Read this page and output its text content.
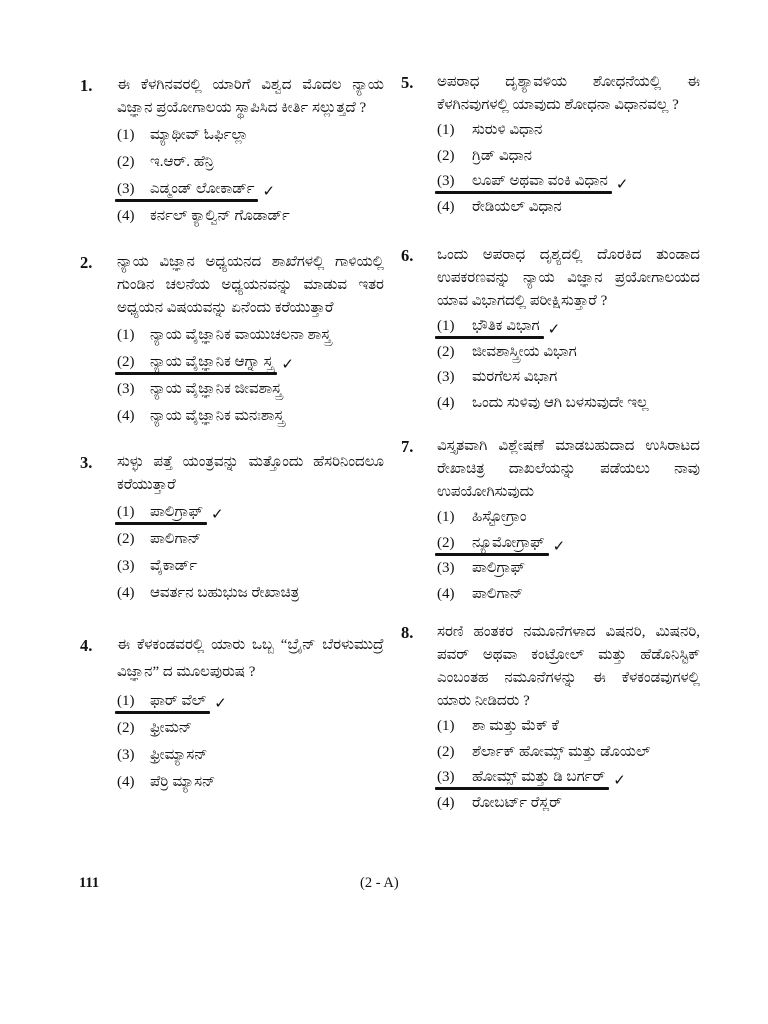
1.	ಈ ಕೆಳಗಿನವರಲ್ಲಿ ಯಾರಿಗೆ ವಿಶ್ವದ ಮೊದಲ ನ್ಯಾಯ ವಿಜ್ಞಾನ ಪ್ರಯೋಗಾಲಯ ಸ್ಥಾಪಿಸಿದ ಕೀರ್ತಿ ಸಲ್ಲುತ್ತದೆ ?
(1)	ಮ್ಯಾಥೀವ್ ಓರ್ಫಿಲ್ಲಾ
(2)	ಇ.ಆರ್. ಹೆನ್ರಿ
(3)	ಎಡ್ಮಂಡ್ ಲೋಕಾರ್ಡ್
✓
(4)	ಕರ್ನಲ್ ಕ್ಯಾಲ್ವಿನ್ ಗೊಡಾರ್ಡ್
2.	ನ್ಯಾಯ ವಿಜ್ಞಾನ ಅಧ್ಯಯನದ ಶಾಖೆಗಳಲ್ಲಿ ಗಾಳಿಯಲ್ಲಿ ಗುಂಡಿನ ಚಲನೆಯ ಅಧ್ಯಯನವನ್ನು ಮಾಡುವ ಇತರ ಅಧ್ಯಯನ ವಿಷಯವನ್ನು ಏನೆಂದು ಕರೆಯುತ್ತಾರೆ
(1)	ನ್ಯಾಯ ವೈಜ್ಞಾನಿಕ ವಾಯುಚಲನಾ ಶಾಸ್ತ್ರ
(2)	ನ್ಯಾಯ ವೈಜ್ಞಾನಿಕ ಆಗ್ನಾ ಸ್ತ್ರ
✓
(3)	ನ್ಯಾಯ ವೈಜ್ಞಾನಿಕ ಜೀವಶಾಸ್ತ್ರ
(4)	ನ್ಯಾಯ ವೈಜ್ಞಾನಿಕ ಮನಃಶಾಸ್ತ್ರ
3.	ಸುಳ್ಳು ಪತ್ತೆ ಯಂತ್ರವನ್ನು ಮತ್ತೊಂದು ಹೆಸರಿನಿಂದಲೂ ಕರೆಯುತ್ತಾರೆ
(1)	ಪಾಲಿಗ್ರಾಫ್
✓
(2)	ಪಾಲಿಗಾನ್
(3)	ವೈಕಾರ್ಡ್
(4)	ಆವರ್ತನ ಬಹುಭುಜ ರೇಖಾಚಿತ್ರ
4.	ಈ ಕೆಳಕಂಡವರಲ್ಲಿ ಯಾರು ಒಬ್ಬ “ಬ್ರೈನ್ ಬೆರಳುಮುದ್ರೆ ವಿಜ್ಞಾನ” ದ ಮೂಲಪುರುಷ ?
(1)	ಫಾರ್ ವೆಲ್
✓
(2)	ಫ್ರೀಮನ್
(3)	ಫ್ರೀಮ್ಯಾಸನ್
(4)	ಪೆರ್ರಿ ಮ್ಯಾಸನ್
5.	ಅಪರಾಧ ದೃಶ್ಯಾವಳಿಯ ಶೋಧನೆಯಲ್ಲಿ ಈ ಕೆಳಗಿನವುಗಳಲ್ಲಿ ಯಾವುದು ಶೋಧನಾ ವಿಧಾನವಲ್ಲ ?
(1)	ಸುರುಳಿ ವಿಧಾನ
(2)	ಗ್ರಿಡ್ ವಿಧಾನ
(3)	ಲೂಪ್ ಅಥವಾ ವಂಕಿ ವಿಧಾನ
✓
(4)	ರೇಡಿಯಲ್ ವಿಧಾನ
6.	ಒಂದು ಅಪರಾಧ ದೃಶ್ಯದಲ್ಲಿ ದೊರಕಿದ ತುಂಡಾದ ಉಪಕರಣವನ್ನು ನ್ಯಾಯ ವಿಜ್ಞಾನ ಪ್ರಯೋಗಾಲಯದ ಯಾವ ವಿಭಾಗದಲ್ಲಿ ಪರೀಕ್ಷಿಸುತ್ತಾರೆ ?
(1)	ಭೌತಿಕ ವಿಭಾಗ
✓
(2)	ಜೀವಶಾಸ್ತ್ರೀಯ ವಿಭಾಗ
(3)	ಮರಗೆಲಸ ವಿಭಾಗ
(4)	ಒಂದು ಸುಳಿವು ಆಗಿ ಬಳಸುವುದೇ ಇಲ್ಲ
7.	ವಿಸ್ತೃತವಾಗಿ ವಿಶ್ಲೇಷಣೆ ಮಾಡಬಹುದಾದ ಉಸಿರಾಟದ ರೇಖಾಚಿತ್ರ ದಾಖಲೆಯನ್ನು ಪಡೆಯಲು ನಾವು ಉಪಯೋಗಿಸುವುದು
(1)	ಹಿಸ್ಟೋಗ್ರಾಂ
(2)	ನ್ಯೂಮೋಗ್ರಾಫ್
✓
(3)	ಪಾಲಿಗ್ರಾಫ್
(4)	ಪಾಲಿಗಾನ್
8.	ಸರಣಿ ಹಂತಕರ ನಮೂನೆಗಳಾದ ವಿಷನರಿ, ಮಿಷನರಿ, ಪವರ್ ಅಥವಾ ಕಂಟ್ರೋಲ್ ಮತ್ತು ಹೆಡೊನಿಸ್ಟಿಕ್ ಎಂಬಂತಹ ನಮೂನೆಗಳನ್ನು ಈ ಕೆಳಕಂಡವುಗಳಲ್ಲಿ ಯಾರು ನೀಡಿದರು ?
(1)	ಶಾ ಮತ್ತು ಮೆಕ್ ಕೆ
(2)	ಶೆರ್ಲಾಕ್ ಹೋಮ್ಸ್ ಮತ್ತು ಡೊಯಲ್
(3)	ಹೋಮ್ಸ್ ಮತ್ತು ಡಿ ಬರ್ಗರ್
✓
(4)	ರೋಬರ್ಟ್ ರೆಸ್ಲರ್
111	(2 - A)
